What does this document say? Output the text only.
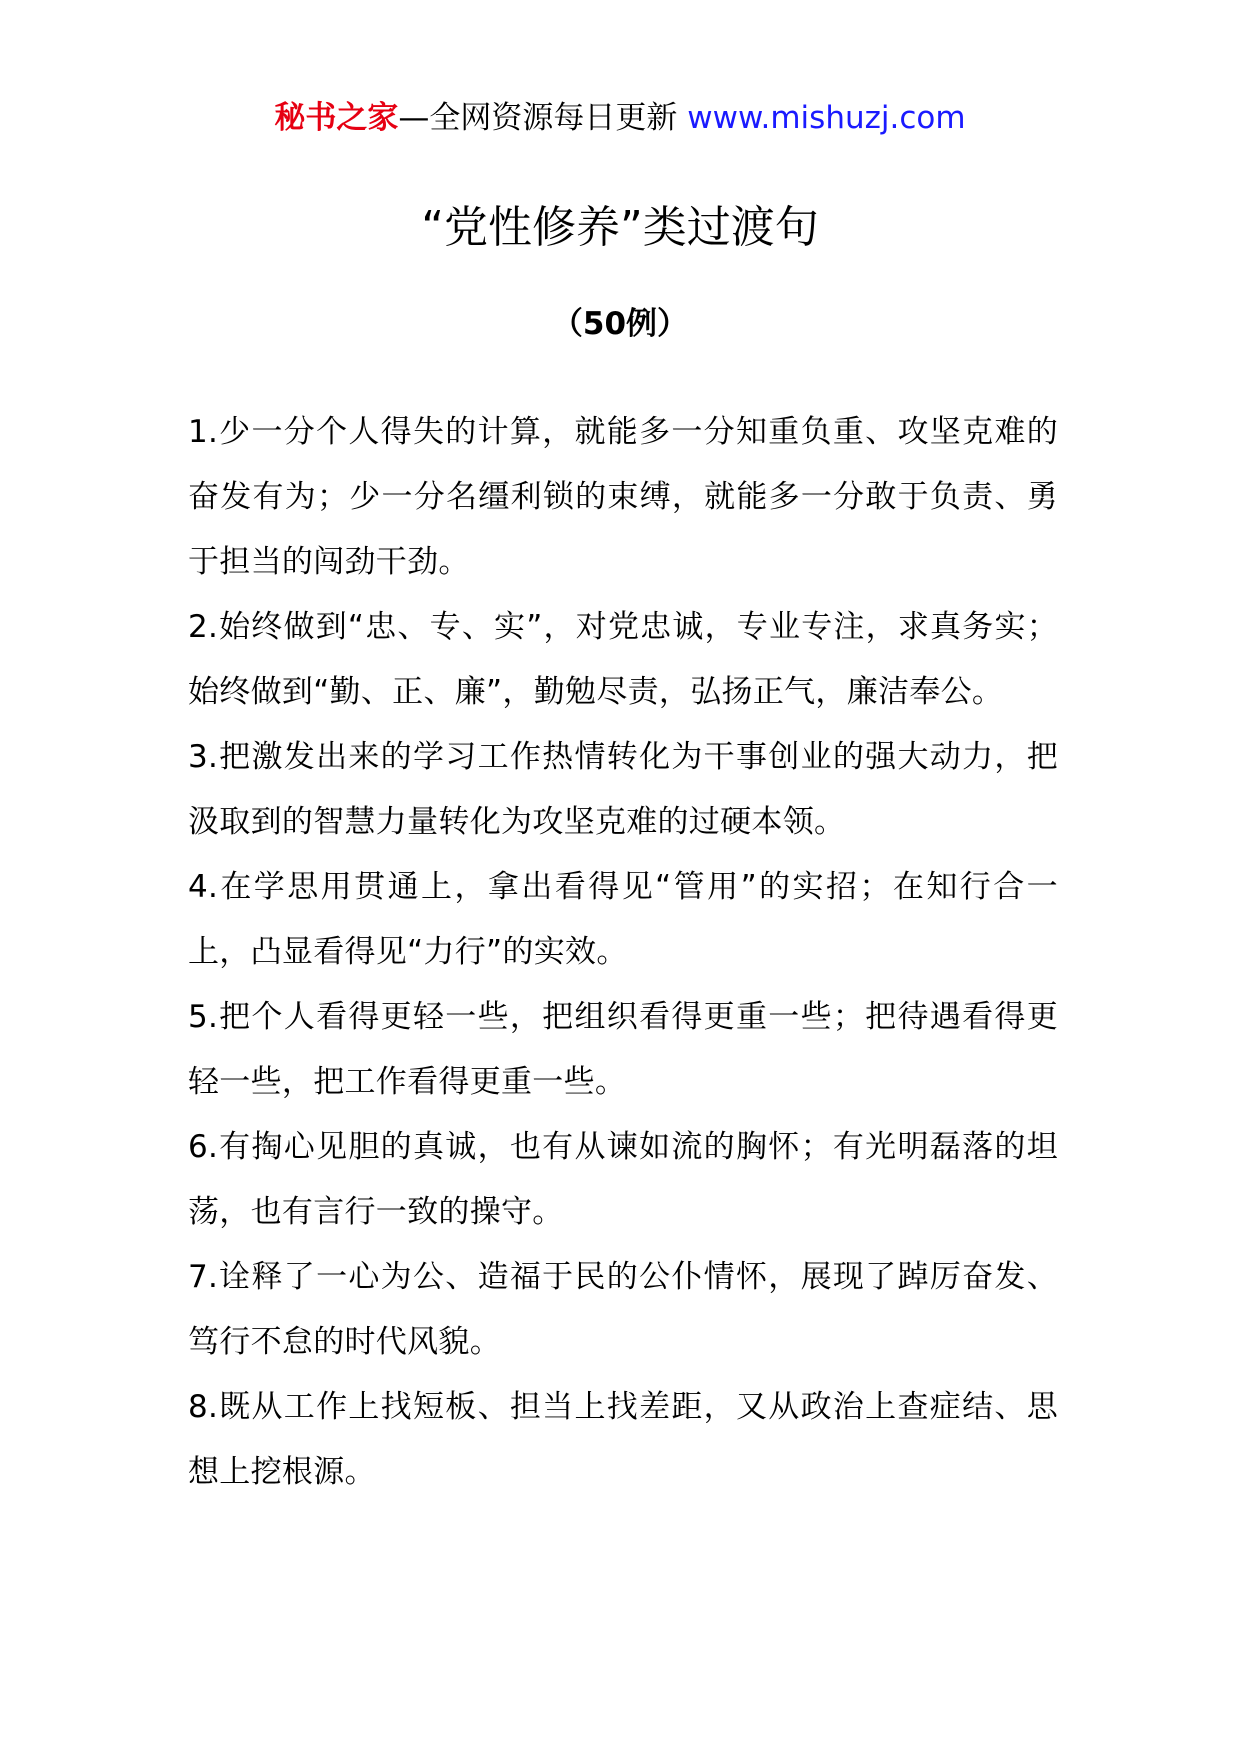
秘书之家—全网资源每日更新 www.mishuzj.com
“党性修养”类过渡句
（50例）

1.少一分个人得失的计算，就能多一分知重负重、攻坚克难的奋发有为；少一分名缰利锁的束缚，就能多一分敢于负责、勇于担当的闯劲干劲。

2.始终做到“忠、专、实”，对党忠诚，专业专注，求真务实；始终做到“勤、正、廉”，勤勉尽责，弘扬正气，廉洁奉公。

3.把激发出来的学习工作热情转化为干事创业的强大动力，把汲取到的智慧力量转化为攻坚克难的过硬本领。

4.在学思用贯通上，拿出看得见“管用”的实招；在知行合一上，凸显看得见“力行”的实效。

5.把个人看得更轻一些，把组织看得更重一些；把待遇看得更轻一些，把工作看得更重一些。

6.有掏心见胆的真诚，也有从谏如流的胸怀；有光明磊落的坦荡，也有言行一致的操守。

7.诠释了一心为公、造福于民的公仆情怀，展现了踔厉奋发、笃行不怠的时代风貌。

8.既从工作上找短板、担当上找差距，又从政治上查症结、思想上挖根源。
